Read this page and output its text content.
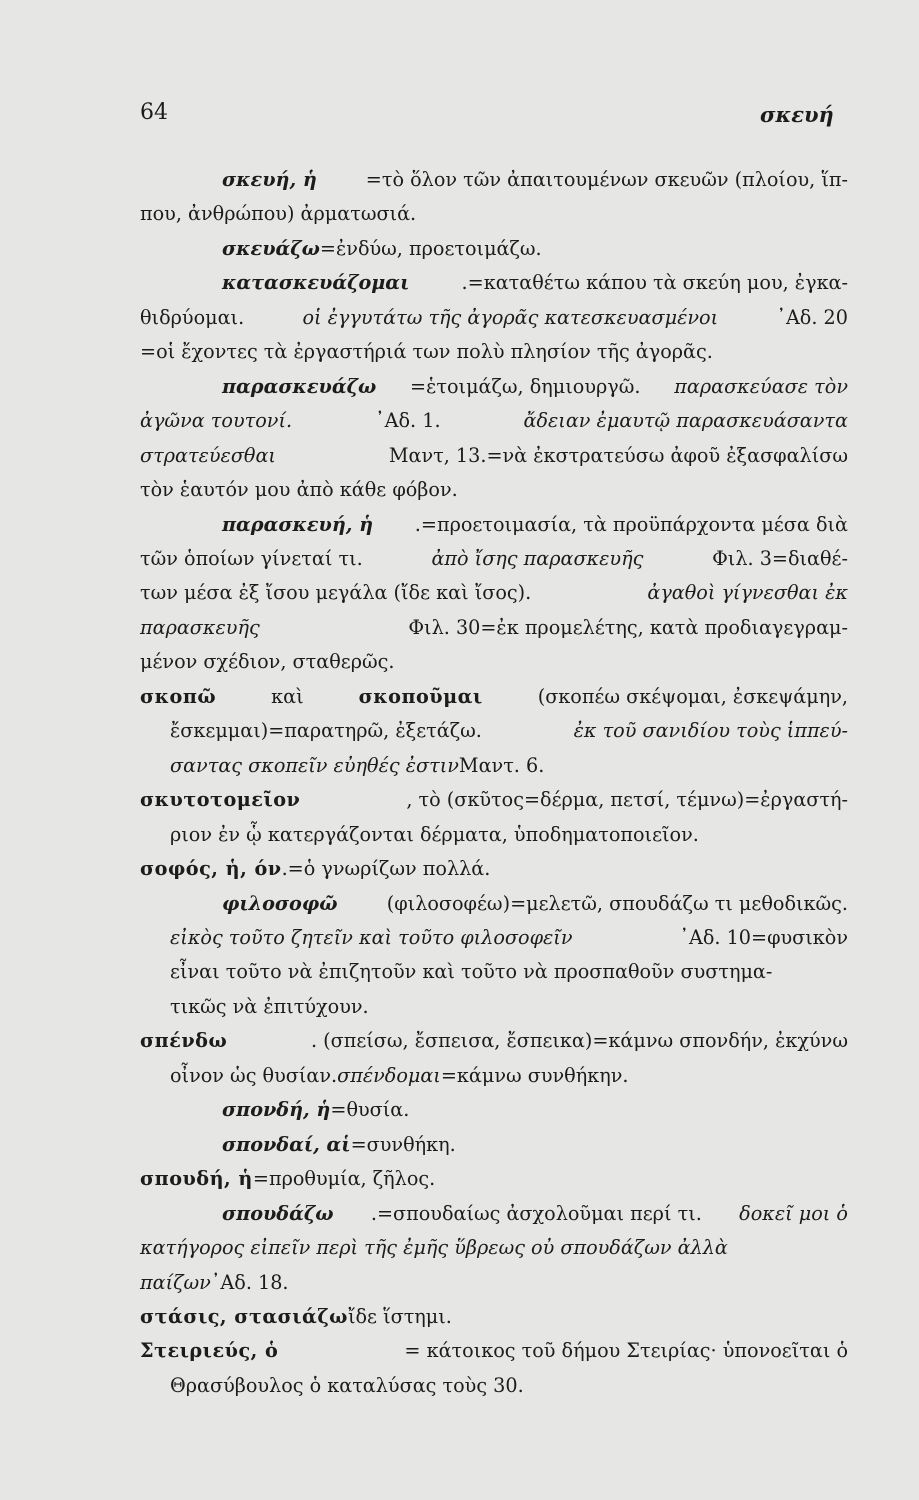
64	σκευή
σκευή, ἡ	=τὸ ὅλον τῶν ἀπαιτουμένων σκευῶν (πλοίου, ἵπ-
που, ἀνθρώπου) ἀρματωσιά.
σκευάζω =ἐνδύω, προετοιμάζω.
κατασκευάζομαι	.=καταθέτω κάπου τὰ σκεύη μου, ἐγκα-
θιδρύομαι.	οἱ ἐγγυτάτω τῆς ἀγορᾶς κατεσκευασμένοι	᾿Αδ. 20
=οἱ ἔχοντες τὰ ἐργαστήριά των πολὺ πλησίον τῆς ἀγορᾶς.
παρασκευάζω =ἑτοιμάζω, δημιουργῶ. παρασκεύασε τὸν
ἀγῶνα τουτονί.	᾿Αδ. 1.	ἄδειαν ἐμαυτῷ παρασκευάσαντα
στρατεύεσθαι	Μαντ, 13.=νὰ ἐκστρατεύσω ἀφοῦ ἐξασφαλίσω
τὸν ἑαυτόν μου ἀπὸ κάθε φόβον.
παρασκευή, ἡ .=προετοιμασία, τὰ προϋπάρχοντα μέσα διὰ
τῶν ὁποίων γίνεταί τι.	ἀπὸ ἴσης παρασκευῆς	Φιλ. 3=διαθέ-
των μέσα ἐξ ἴσου μεγάλα (ἴδε καὶ ἴσος).	ἀγαθοὶ γίγνεσθαι ἐκ
παρασκευῆς	Φιλ. 30=ἐκ προμελέτης, κατὰ προδιαγεγραμ-
μένον σχέδιον, σταθερῶς.
σκοπῶ	καὶ	σκοποῦμαι	(σκοπέω σκέψομαι, ἐσκεψάμην,
ἔσκεμμαι)=παρατηρῶ, ἐξετάζω.	ἐκ τοῦ σανιδίου τοὺς ἱππεύ-
σαντας σκοπεῖν εὐηθές ἐστιν Μαντ. 6.
σκυτοτομεῖον	, τὸ (σκῦτος=δέρμα, πετσί, τέμνω)=ἐργαστή-
ριον ἐν ᾧ κατεργάζονται δέρματα, ὑποδηματοποιεῖον.
σοφός, ἡ, όν .=ὁ γνωρίζων πολλά.
φιλοσοφῶ	(φιλοσοφέω)=μελετῶ, σπουδάζω τι μεθοδικῶς.
εἰκὸς τοῦτο ζητεῖν καὶ τοῦτο φιλοσοφεῖν	᾿Αδ. 10=φυσικὸν
εἶναι τοῦτο νὰ ἐπιζητοῦν καὶ τοῦτο νὰ προσπαθοῦν συστημα-
τικῶς νὰ ἐπιτύχουν.
σπένδω	. (σπείσω, ἔσπεισα, ἔσπεικα)=κάμνω σπονδήν, ἐκχύνω
οἶνον ὡς θυσίαν. σπένδομαι =κάμνω συνθήκην.
σπονδή, ἡ =θυσία.
σπονδαί, αἱ =συνθήκη.
σπουδή, ἡ =προθυμία, ζῆλος.
σπουδάζω .=σπουδαίως ἀσχολοῦμαι περί τι. δοκεῖ μοι ὁ
κατήγορος εἰπεῖν περὶ τῆς ἐμῆς ὕβρεως οὐ σπουδάζων ἀλλὰ
παίζων ᾿Αδ. 18.
στάσις, στασιάζω ἴδε ἵστημι.
Στειριεύς, ὁ	= κάτοικος τοῦ δήμου Στειρίας· ὑπονοεῖται ὁ
Θρασύβουλος ὁ καταλύσας τοὺς 30.
